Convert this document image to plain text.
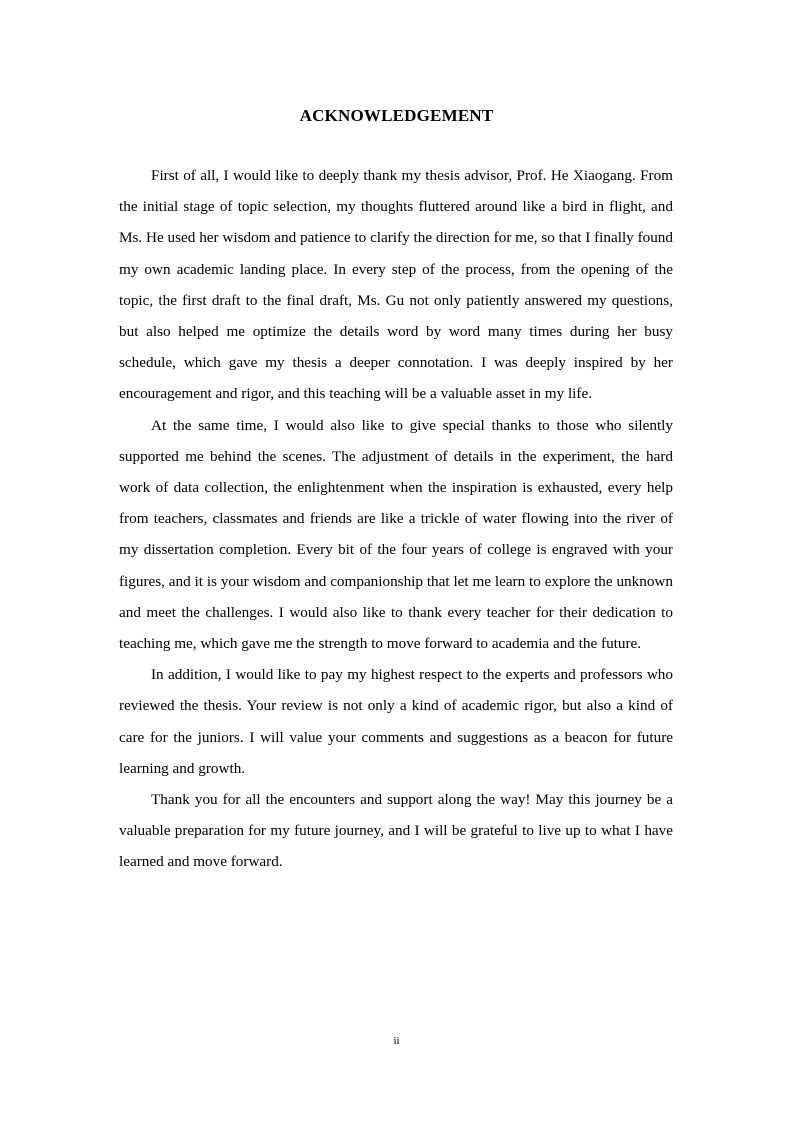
ACKNOWLEDGEMENT

First of all, I would like to deeply thank my thesis advisor, Prof. He Xiaogang. From the initial stage of topic selection, my thoughts fluttered around like a bird in flight, and Ms. He used her wisdom and patience to clarify the direction for me, so that I finally found my own academic landing place. In every step of the process, from the opening of the topic, the first draft to the final draft, Ms. Gu not only patiently answered my questions, but also helped me optimize the details word by word many times during her busy schedule, which gave my thesis a deeper connotation. I was deeply inspired by her encouragement and rigor, and this teaching will be a valuable asset in my life.

At the same time, I would also like to give special thanks to those who silently supported me behind the scenes. The adjustment of details in the experiment, the hard work of data collection, the enlightenment when the inspiration is exhausted, every help from teachers, classmates and friends are like a trickle of water flowing into the river of my dissertation completion. Every bit of the four years of college is engraved with your figures, and it is your wisdom and companionship that let me learn to explore the unknown and meet the challenges. I would also like to thank every teacher for their dedication to teaching me, which gave me the strength to move forward to academia and the future.

In addition, I would like to pay my highest respect to the experts and professors who reviewed the thesis. Your review is not only a kind of academic rigor, but also a kind of care for the juniors. I will value your comments and suggestions as a beacon for future learning and growth.

Thank you for all the encounters and support along the way! May this journey be a valuable preparation for my future journey, and I will be grateful to live up to what I have learned and move forward.

ii
